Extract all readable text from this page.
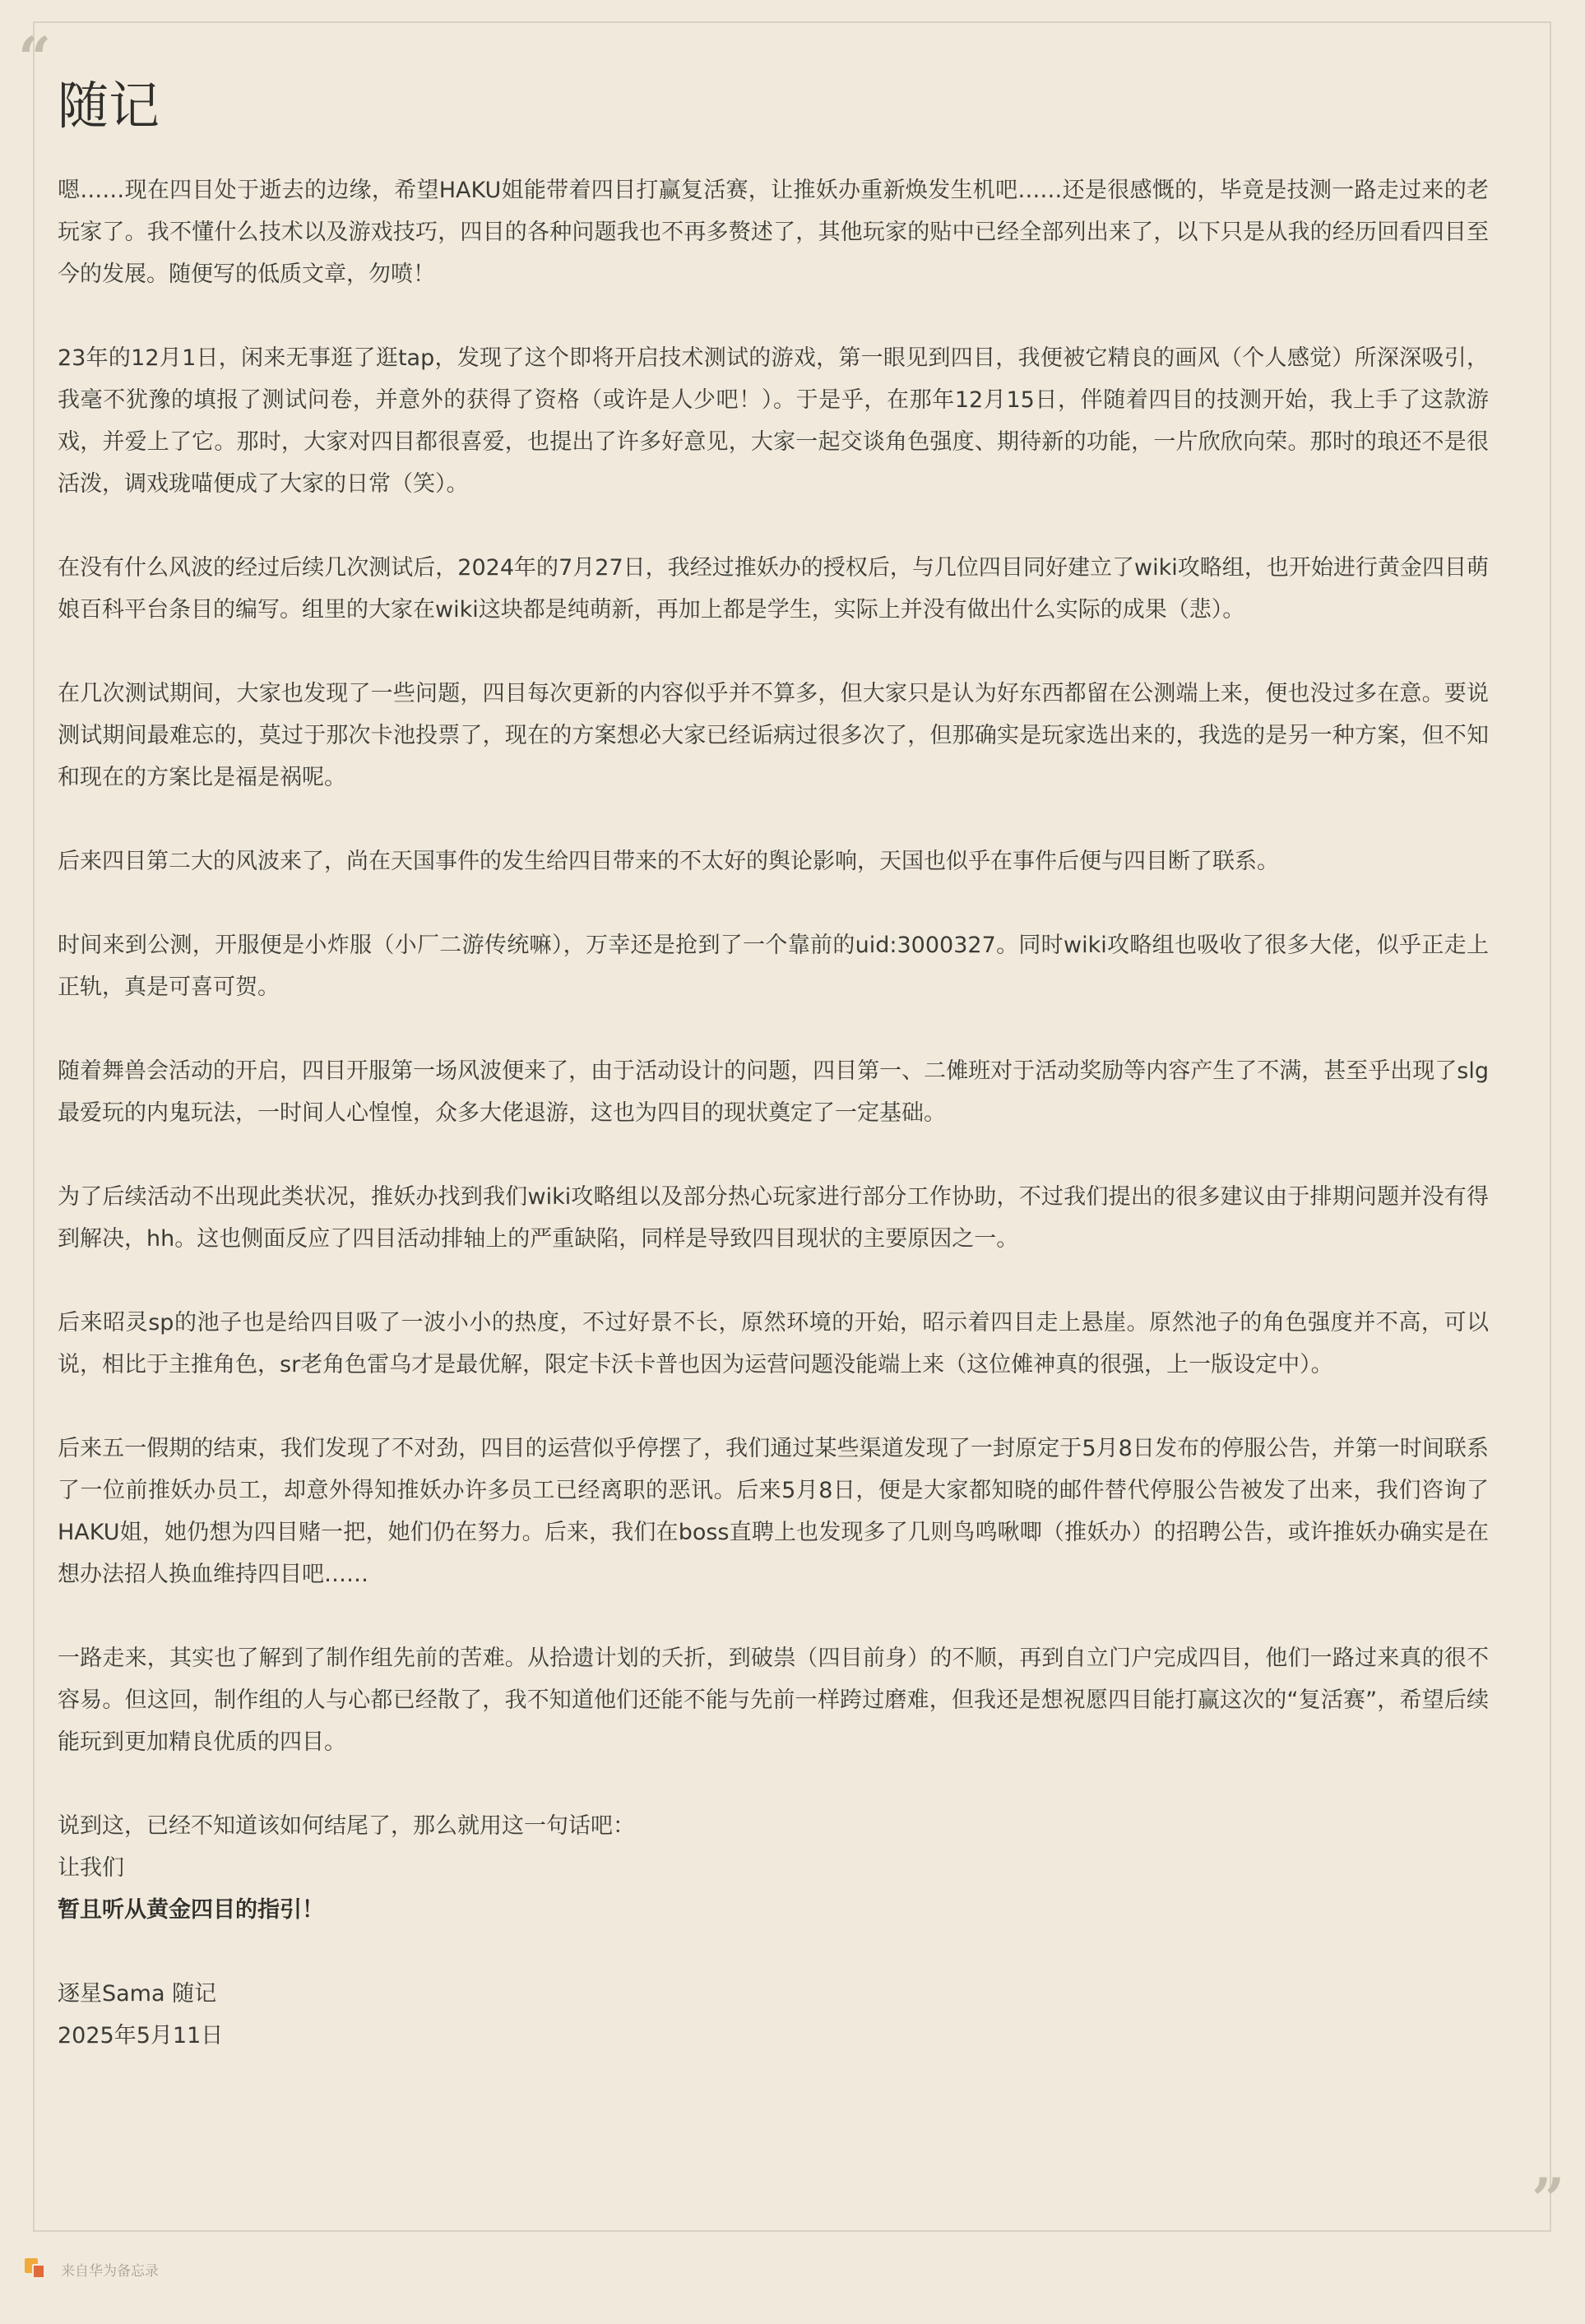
“
”
随记

嗯……现在四目处于逝去的边缘，希望HAKU姐能带着四目打赢复活赛，让推妖办重新焕发生机吧……还是很感慨的，毕竟是技测一路走过来的老玩家了。我不懂什么技术以及游戏技巧，四目的各种问题我也不再多赘述了，其他玩家的贴中已经全部列出来了，以下只是从我的经历回看四目至今的发展。随便写的低质文章，勿喷！

23年的12月1日，闲来无事逛了逛tap，发现了这个即将开启技术测试的游戏，第一眼见到四目，我便被它精良的画风（个人感觉）所深深吸引，我毫不犹豫的填报了测试问卷，并意外的获得了资格（或许是人少吧！）。于是乎，在那年12月15日，伴随着四目的技测开始，我上手了这款游戏，并爱上了它。那时，大家对四目都很喜爱，也提出了许多好意见，大家一起交谈角色强度、期待新的功能，一片欣欣向荣。那时的琅还不是很活泼，调戏珑喵便成了大家的日常（笑）。

在没有什么风波的经过后续几次测试后，2024年的7月27日，我经过推妖办的授权后，与几位四目同好建立了wiki攻略组，也开始进行黄金四目萌娘百科平台条目的编写。组里的大家在wiki这块都是纯萌新，再加上都是学生，实际上并没有做出什么实际的成果（悲）。

在几次测试期间，大家也发现了一些问题，四目每次更新的内容似乎并不算多，但大家只是认为好东西都留在公测端上来，便也没过多在意。要说测试期间最难忘的，莫过于那次卡池投票了，现在的方案想必大家已经诟病过很多次了，但那确实是玩家选出来的，我选的是另一种方案，但不知和现在的方案比是福是祸呢。

后来四目第二大的风波来了，尚在天国事件的发生给四目带来的不太好的舆论影响，天国也似乎在事件后便与四目断了联系。

时间来到公测，开服便是小炸服（小厂二游传统嘛），万幸还是抢到了一个靠前的uid:3000327。同时wiki攻略组也吸收了很多大佬，似乎正走上正轨，真是可喜可贺。

随着舞兽会活动的开启，四目开服第一场风波便来了，由于活动设计的问题，四目第一、二傩班对于活动奖励等内容产生了不满，甚至乎出现了slg最爱玩的内鬼玩法，一时间人心惶惶，众多大佬退游，这也为四目的现状奠定了一定基础。

为了后续活动不出现此类状况，推妖办找到我们wiki攻略组以及部分热心玩家进行部分工作协助，不过我们提出的很多建议由于排期问题并没有得到解决，hh。这也侧面反应了四目活动排轴上的严重缺陷，同样是导致四目现状的主要原因之一。

后来昭灵sp的池子也是给四目吸了一波小小的热度，不过好景不长，原然环境的开始，昭示着四目走上悬崖。原然池子的角色强度并不高，可以说，相比于主推角色，sr老角色雷乌才是最优解，限定卡沃卡普也因为运营问题没能端上来（这位傩神真的很强，上一版设定中）。

后来五一假期的结束，我们发现了不对劲，四目的运营似乎停摆了，我们通过某些渠道发现了一封原定于5月8日发布的停服公告，并第一时间联系了一位前推妖办员工，却意外得知推妖办许多员工已经离职的恶讯。后来5月8日，便是大家都知晓的邮件替代停服公告被发了出来，我们咨询了HAKU姐，她仍想为四目赌一把，她们仍在努力。后来，我们在boss直聘上也发现多了几则鸟鸣啾唧（推妖办）的招聘公告，或许推妖办确实是在想办法招人换血维持四目吧……

一路走来，其实也了解到了制作组先前的苦难。从拾遗计划的夭折，到破祟（四目前身）的不顺，再到自立门户完成四目，他们一路过来真的很不容易。但这回，制作组的人与心都已经散了，我不知道他们还能不能与先前一样跨过磨难，但我还是想祝愿四目能打赢这次的“复活赛”，希望后续能玩到更加精良优质的四目。

说到这，已经不知道该如何结尾了，那么就用这一句话吧：

让我们

暂且听从黄金四目的指引！

逐星Sama 随记

2025年5月11日

来自华为备忘录
